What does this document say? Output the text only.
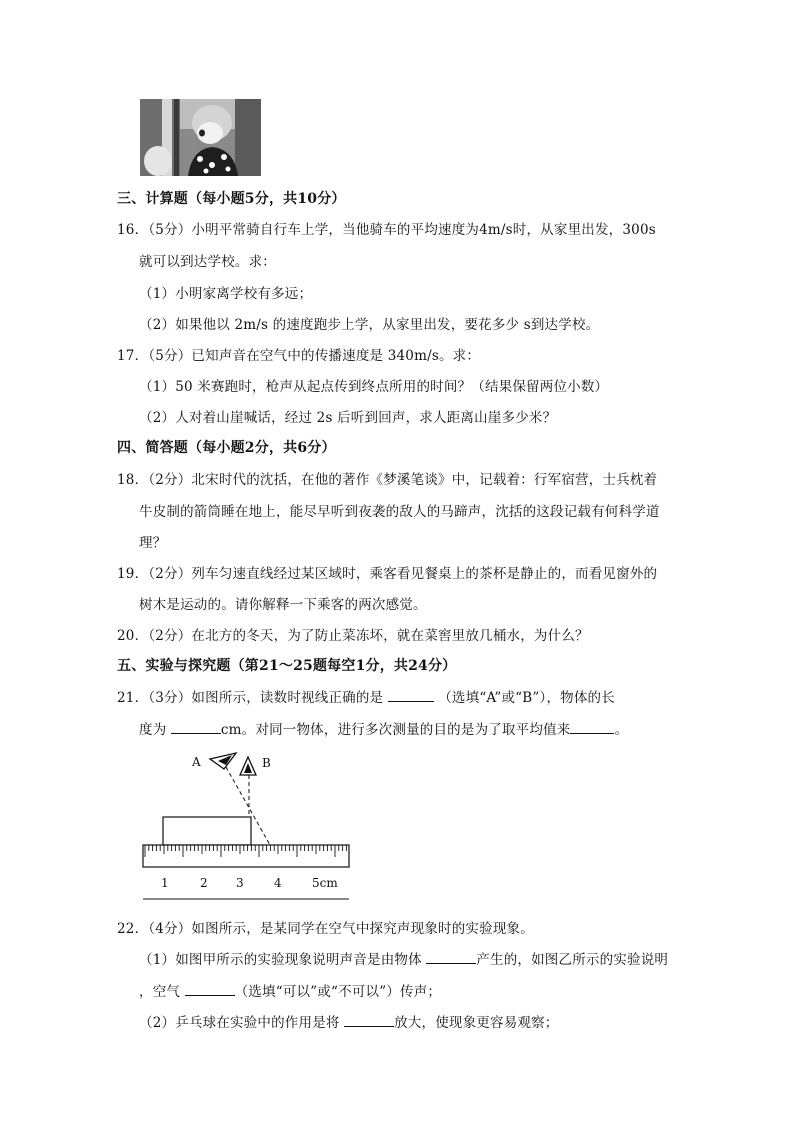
三、计算题（每小题5分，共10分）
16．（5分）小明平常骑自行车上学，当他骑车的平均速度为4m/s时，从家里出发，300s
就可以到达学校。求：
（1）小明家离学校有多远；
（2）如果他以 2m/s 的速度跑步上学，从家里出发，要花多少 s到达学校。
17．（5分）已知声音在空气中的传播速度是 340m/s。求：
（1）50 米赛跑时，枪声从起点传到终点所用的时间？（结果保留两位小数）
（2）人对着山崖喊话，经过 2s 后听到回声，求人距离山崖多少米？
四、简答题（每小题2分，共6分）
18．（2分）北宋时代的沈括，在他的著作《梦溪笔谈》中，记载着：行军宿营，士兵枕着
牛皮制的箭筒睡在地上，能尽早听到夜袭的敌人的马蹄声，沈括的这段记载有何科学道
理？
19．（2分）列车匀速直线经过某区域时，乘客看见餐桌上的茶杯是静止的，而看见窗外的
树木是运动的。请你解释一下乘客的两次感觉。
20．（2分）在北方的冬天，为了防止菜冻坏，就在菜窖里放几桶水，为什么？
五、实验与探究题（第21～25题每空1分，共24分）
21．（3分）如图所示，读数时视线正确的是	（选填“A”或“B”），物体的长
度为	cm。对同一物体，进行多次测量的目的是为了取平均值来	。
A	B
1	2 3	4	5cm
22．（4分）如图所示，是某同学在空气中探究声现象时的实验现象。
（1）如图甲所示的实验现象说明声音是由物体	产生的，如图乙所示的实验说明
，空气	（选填“可以”或“不可以”）传声；
（2）乒乓球在实验中的作用是将	放大，使现象更容易观察；
